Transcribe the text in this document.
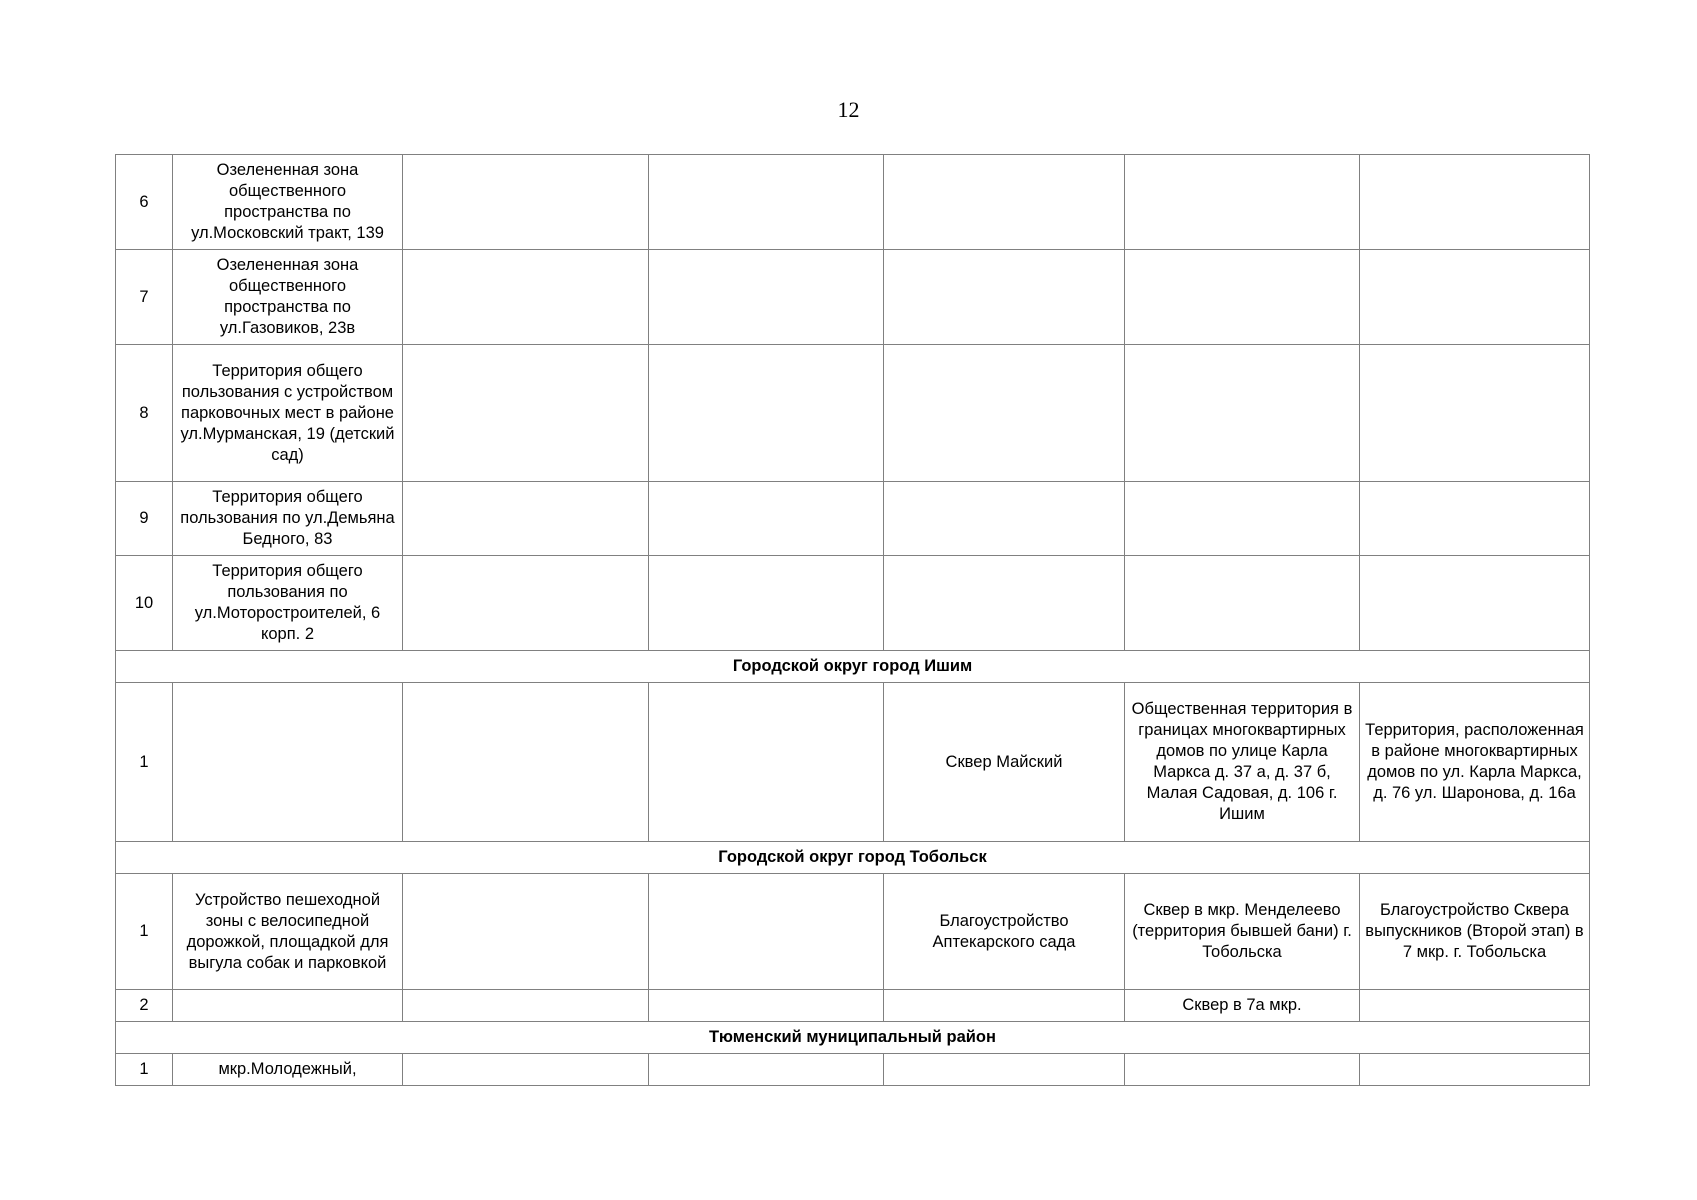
12
6	Озелененная зона общественного пространства по ул.Московский тракт, 139					
7	Озелененная зона общественного пространства по ул.Газовиков, 23в					
8	Территория общего пользования с устройством парковочных мест в районе ул.Мурманская, 19 (детский сад)					
9	Территория общего пользования по ул.Демьяна Бедного, 83					
10	Территория общего пользования по ул.Моторостроителей, 6 корп. 2					
Городской округ город Ишим						
1				Сквер Майский	Общественная территория в границах многоквартирных домов по улице Карла Маркса д. 37 а, д. 37 б, Малая Садовая, д. 106 г. Ишим	Территория, расположенная в районе многоквартирных домов по ул. Карла Маркса, д. 76 ул. Шаронова, д. 16а
Городской округ город Тобольск						
1	Устройство пешеходной зоны с велосипедной дорожкой, площадкой для выгула собак и парковкой			Благоустройство Аптекарского сада	Сквер в мкр. Менделеево (территория бывшей бани) г. Тобольска	Благоустройство Сквера выпускников (Второй этап) в 7 мкр. г. Тобольска
2					Сквер в 7а мкр.	
Тюменский муниципальный район						
1	мкр.Молодежный,					
